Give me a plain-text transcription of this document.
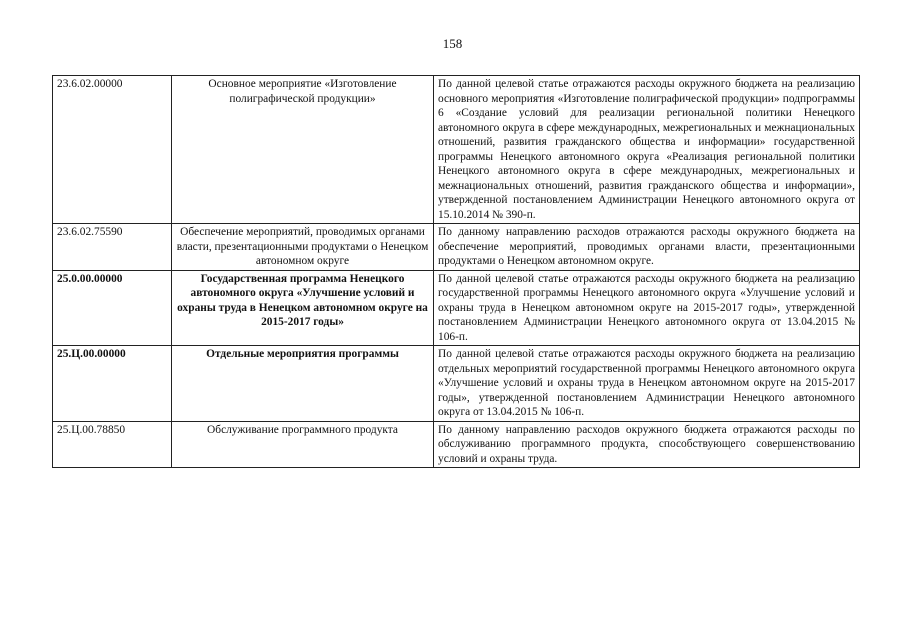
158
23.6.02.00000	Основное мероприятие «Изготовление полиграфической продукции»	По данной целевой статье отражаются расходы окружного бюджета на реализацию основного мероприятия «Изготовление полиграфической продукции» подпрограммы 6 «Создание условий для реализации региональной политики Ненецкого автономного округа в сфере международных, межрегиональных и межнациональных отношений, развития гражданского общества и информации» государственной программы Ненецкого автономного округа «Реализация региональной политики Ненецкого автономного округа в сфере международных, межрегиональных и межнациональных отношений, развития гражданского общества и информации», утвержденной постановлением Администрации Ненецкого автономного округа от 15.10.2014 № 390-п.
23.6.02.75590	Обеспечение мероприятий, проводимых органами власти, презентационными продуктами о Ненецком автономном округе	По данному направлению расходов отражаются расходы окружного бюджета на обеспечение мероприятий, проводимых органами власти, презентационными продуктами о Ненецком автономном округе.
25.0.00.00000	Государственная программа Ненецкого автономного округа «Улучшение условий и охраны труда в Ненецком автономном округе на 2015-2017 годы»	По данной целевой статье отражаются расходы окружного бюджета на реализацию государственной программы Ненецкого автономного округа «Улучшение условий и охраны труда в Ненецком автономном округе на 2015-2017 годы», утвержденной постановлением Администрации Ненецкого автономного округа от 13.04.2015 № 106-п.
25.Ц.00.00000	Отдельные мероприятия программы	По данной целевой статье отражаются расходы окружного бюджета на реализацию отдельных мероприятий государственной программы Ненецкого автономного округа «Улучшение условий и охраны труда в Ненецком автономном округе на 2015-2017 годы», утвержденной постановлением Администрации Ненецкого автономного округа от 13.04.2015 № 106-п.
25.Ц.00.78850	Обслуживание программного продукта	По данному направлению расходов окружного бюджета отражаются расходы по обслуживанию программного продукта, способствующего совершенствованию условий и охраны труда.
